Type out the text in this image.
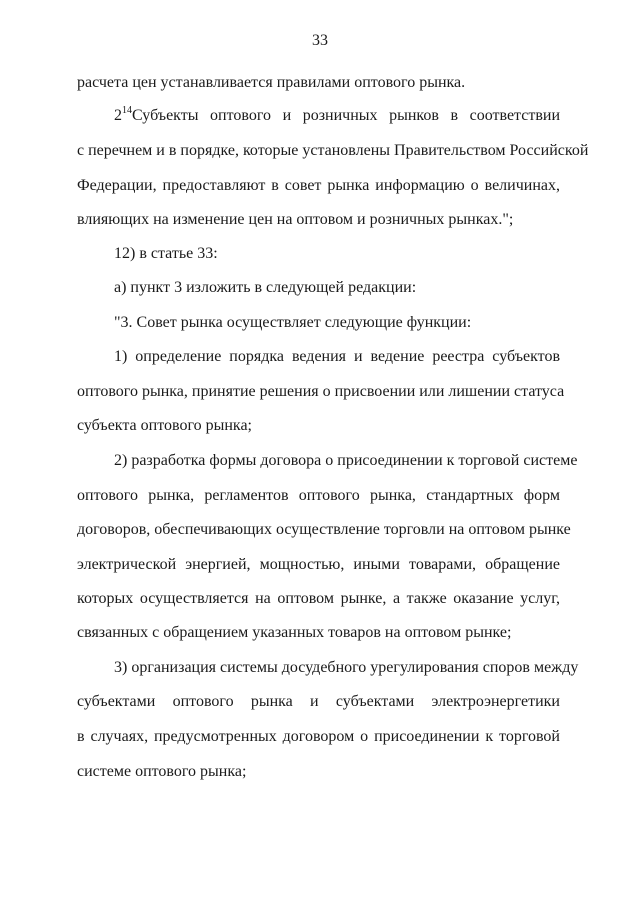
33
расчета цен устанавливается правилами оптового рынка.
$2^{14}Субъекты$ оптового и розничных рынков в соответствии
с перечнем и в порядке, которые установлены Правительством Российской
Федерации, предоставляют в совет рынка информацию о величинах,
влияющих на изменение цен на оптовом и розничных рынках.";
12) в статье 33:
а) пункт 3 изложить в следующей редакции:
"3. Совет рынка осуществляет следующие функции:
1) определение порядка ведения и ведение реестра субъектов
оптового рынка, принятие решения о присвоении или лишении статуса
субъекта оптового рынка;
2) разработка формы договора о присоединении к торговой системе
оптового рынка, регламентов оптового рынка, стандартных форм
договоров, обеспечивающих осуществление торговли на оптовом рынке
электрической энергией, мощностью, иными товарами, обращение
которых осуществляется на оптовом рынке, а также оказание услуг,
связанных с обращением указанных товаров на оптовом рынке;
3) организация системы досудебного урегулирования споров между
субъектами оптового рынка и субъектами электроэнергетики
в случаях, предусмотренных договором о присоединении к торговой
системе оптового рынка;
